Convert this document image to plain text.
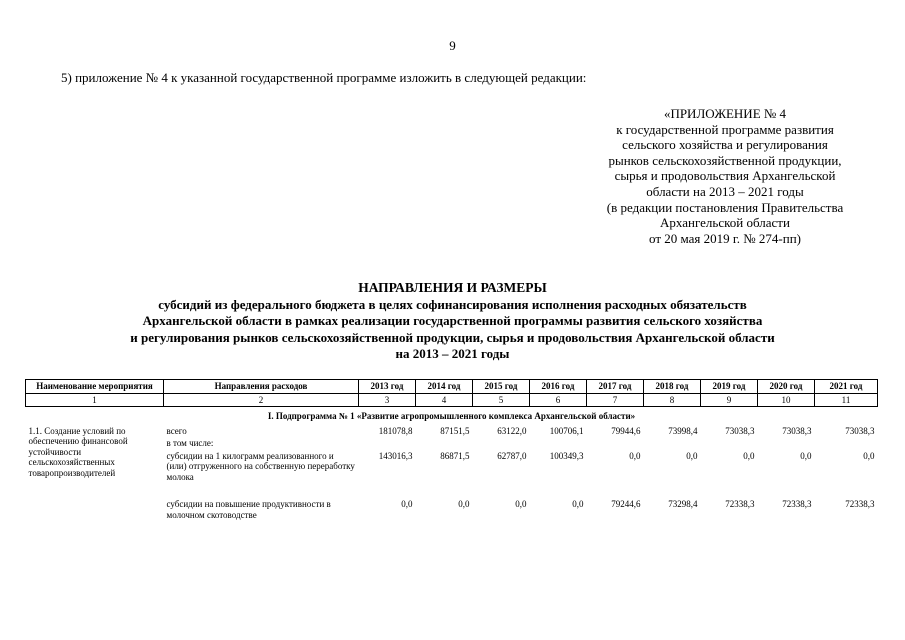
9
5) приложение № 4 к указанной государственной программе изложить в следующей редакции:
«ПРИЛОЖЕНИЕ № 4
к государственной программе развития
сельского хозяйства и регулирования
рынков сельскохозяйственной продукции,
сырья и продовольствия Архангельской
области на 2013 – 2021 годы
(в редакции постановления Правительства
Архангельской области
от 20 мая 2019 г. № 274-пп)
НАПРАВЛЕНИЯ И РАЗМЕРЫ
субсидий из федерального бюджета в целях софинансирования исполнения расходных обязательств
Архангельской области в рамках реализации государственной программы развития сельского хозяйства
и регулирования рынков сельскохозяйственной продукции, сырья и продовольствия Архангельской области
на 2013 – 2021 годы
Наименование мероприятия	Направления расходов	2013 год	2014 год	2015 год	2016 год	2017 год	2018 год	2019 год	2020 год	2021 год
1	2	3	4	5	6	7	8	9	10	11
I. Подпрограмма № 1 «Развитие агропромышленного комплекса Архангельской области»										
1.1. Создание условий по обеспечению финансовой устойчивости сельскохозяйственных товаропроизводителей	всего	181078,8	87151,5	63122,0	100706,1	79944,6	73998,4	73038,3	73038,3	73038,3
	в том числе:									
	субсидии на 1 килограмм реализованного и (или) отгруженного на собственную переработку молока	143016,3	86871,5	62787,0	100349,3	0,0	0,0	0,0	0,0	0,0
	субсидии на повышение продуктивности в молочном скотоводстве	0,0	0,0	0,0	0,0	79244,6	73298,4	72338,3	72338,3	72338,3
